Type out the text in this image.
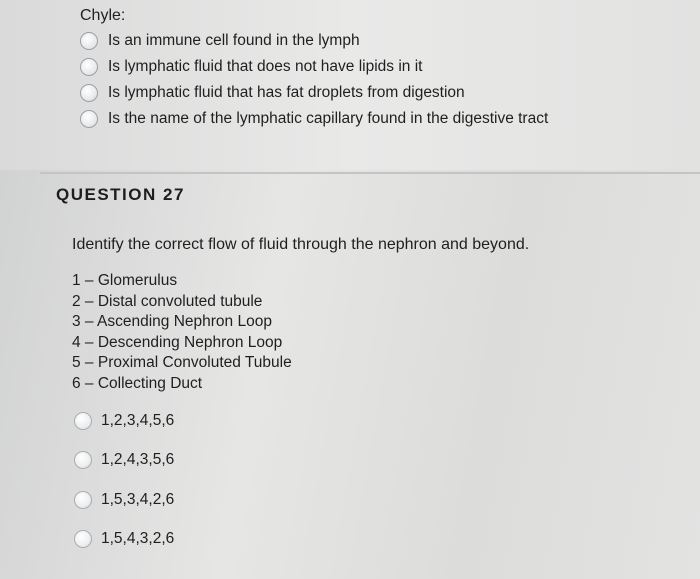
Chyle:
Is an immune cell found in the lymph
Is lymphatic fluid that does not have lipids in it
Is lymphatic fluid that has fat droplets from digestion
Is the name of the lymphatic capillary found in the digestive tract
QUESTION 27
Identify the correct flow of fluid through the nephron and beyond.
1 – Glomerulus
2 – Distal convoluted tubule
3 – Ascending Nephron Loop
4 – Descending Nephron Loop
5 – Proximal Convoluted Tubule
6 – Collecting Duct
1,2,3,4,5,6
1,2,4,3,5,6
1,5,3,4,2,6
1,5,4,3,2,6
